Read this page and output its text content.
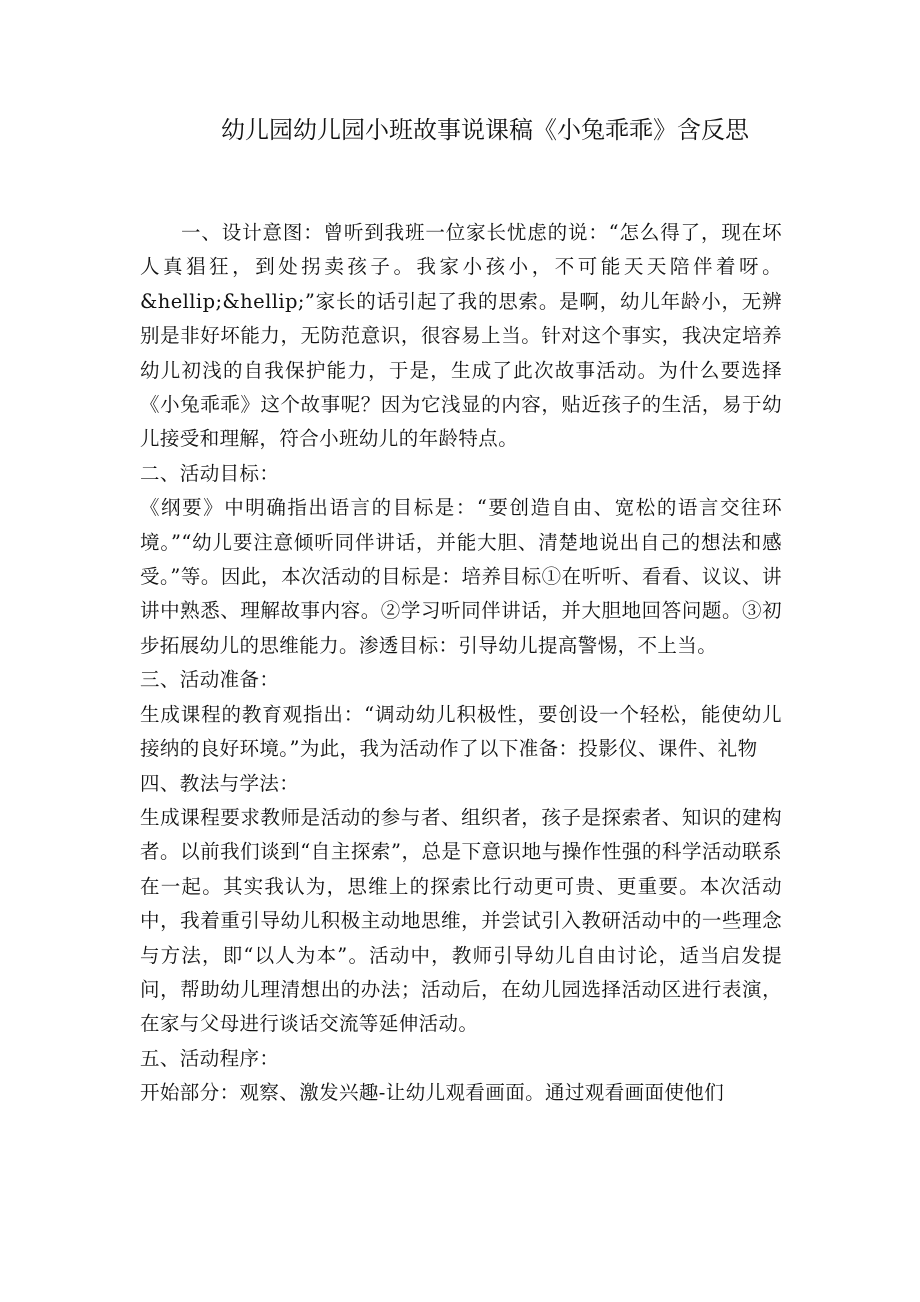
幼儿园幼儿园小班故事说课稿《小兔乖乖》含反思

一、设计意图：曾听到我班一位家长忧虑的说：“怎么得了，现在坏人真猖狂，到处拐卖孩子。我家小孩小，不可能天天陪伴着呀。&hellip;&hellip;”家长的话引起了我的思索。是啊，幼儿年龄小，无辨别是非好坏能力，无防范意识，很容易上当。针对这个事实，我决定培养幼儿初浅的自我保护能力，于是，生成了此次故事活动。为什么要选择《小兔乖乖》这个故事呢？因为它浅显的内容，贴近孩子的生活，易于幼儿接受和理解，符合小班幼儿的年龄特点。

二、活动目标：

《纲要》中明确指出语言的目标是：“要创造自由、宽松的语言交往环境。”“幼儿要注意倾听同伴讲话，并能大胆、清楚地说出自己的想法和感受。”等。因此，本次活动的目标是：培养目标①在听听、看看、议议、讲讲中熟悉、理解故事内容。②学习听同伴讲话，并大胆地回答问题。③初步拓展幼儿的思维能力。渗透目标：引导幼儿提高警惕，不上当。

三、活动准备：

生成课程的教育观指出：“调动幼儿积极性，要创设一个轻松，能使幼儿接纳的良好环境。”为此，我为活动作了以下准备：投影仪、课件、礼物

四、教法与学法：

生成课程要求教师是活动的参与者、组织者，孩子是探索者、知识的建构者。以前我们谈到“自主探索”，总是下意识地与操作性强的科学活动联系在一起。其实我认为，思维上的探索比行动更可贵、更重要。本次活动中，我着重引导幼儿积极主动地思维，并尝试引入教研活动中的一些理念与方法，即“以人为本”。活动中，教师引导幼儿自由讨论，适当启发提问，帮助幼儿理清想出的办法；活动后，在幼儿园选择活动区进行表演，在家与父母进行谈话交流等延伸活动。

五、活动程序：

开始部分：观察、激发兴趣-让幼儿观看画面。通过观看画面使他们
